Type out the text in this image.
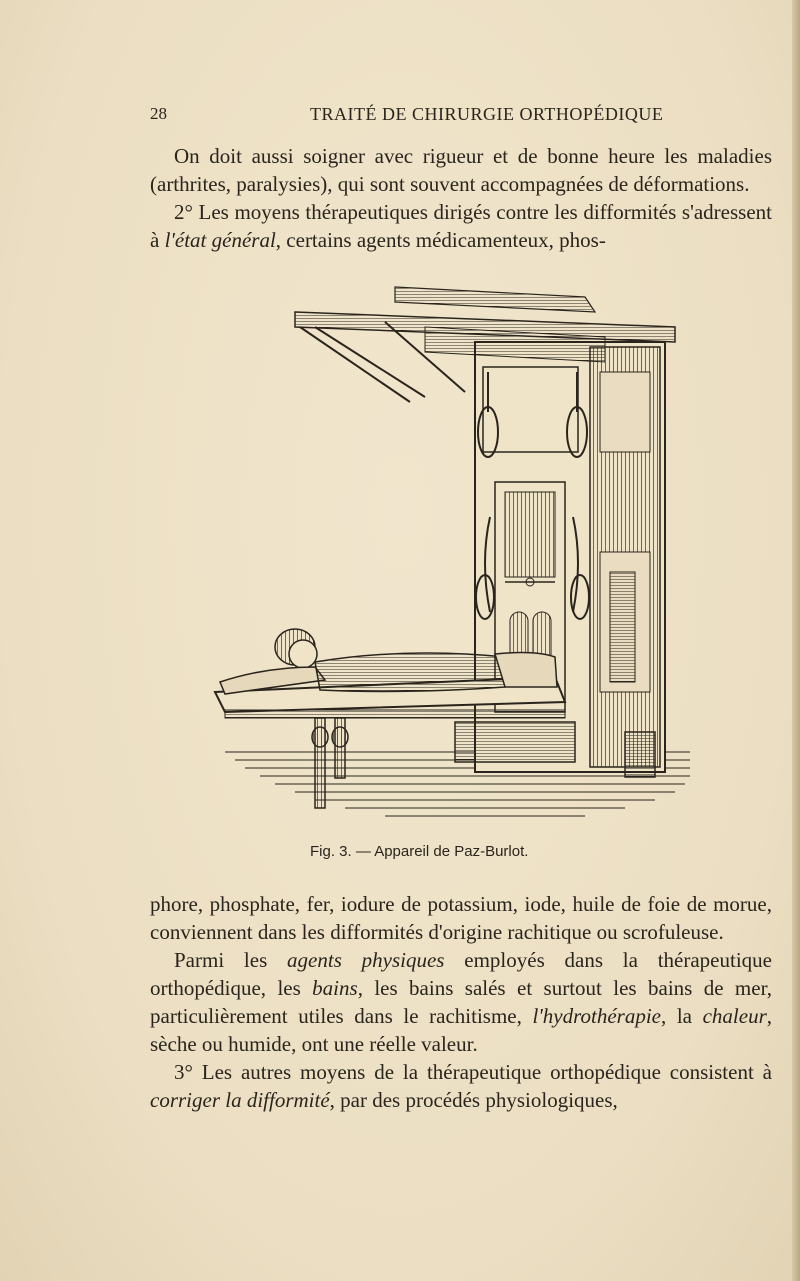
28	TRAITÉ DE CHIRURGIE ORTHOPÉDIQUE

On doit aussi soigner avec rigueur et de bonne heure les maladies (arthrites, paralysies), qui sont souvent accompagnées de déformations.

2° Les moyens thérapeutiques dirigés contre les difformités s'adressent à l'état général, certains agents médicamenteux, phos-

Fig. 3. — Appareil de Paz-Burlot.

phore, phosphate, fer, iodure de potassium, iode, huile de foie de morue, conviennent dans les difformités d'origine rachitique ou scrofuleuse.

Parmi les agents physiques employés dans la thérapeutique orthopédique, les bains, les bains salés et surtout les bains de mer, particulièrement utiles dans le rachitisme, l'hydrothérapie, la chaleur, sèche ou humide, ont une réelle valeur.

3° Les autres moyens de la thérapeutique orthopédique consistent à corriger la difformité, par des procédés physiologiques,
